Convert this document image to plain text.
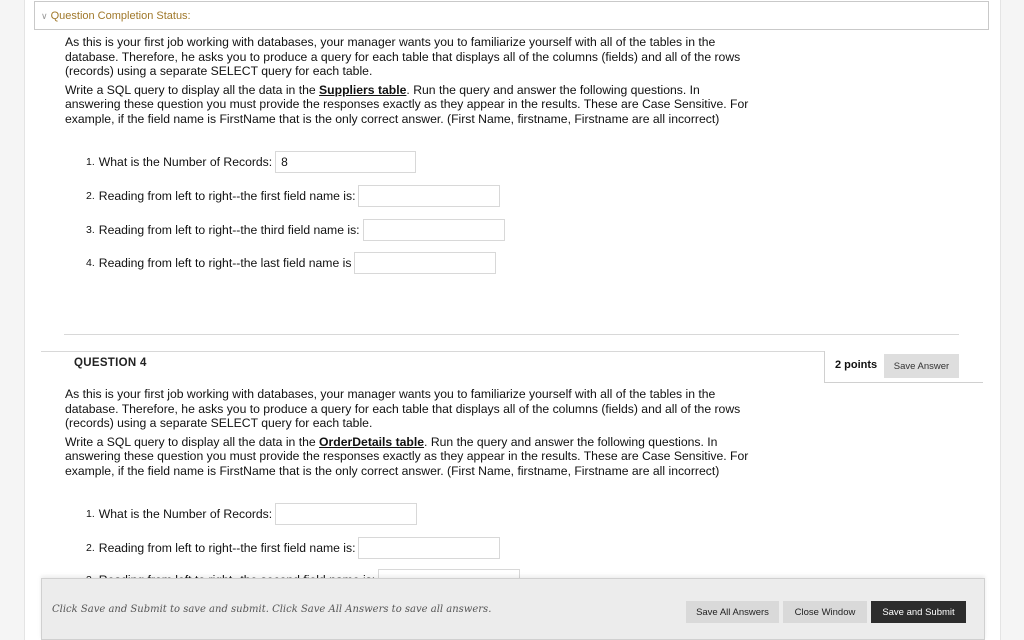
∨ Question Completion Status:

As this is your first job working with databases, your manager wants you to familiarize yourself with all of the tables in the database. Therefore, he asks you to produce a query for each table that displays all of the columns (fields) and all of the rows (records) using a separate SELECT query for each table.

Write a SQL query to display all the data in the Suppliers table. Run the query and answer the following questions. In answering these question you must provide the responses exactly as they appear in the results. These are Case Sensitive. For example, if the field name is FirstName that is the only correct answer. (First Name, firstname, Firstname are all incorrect)

1. What is the Number of Records:
8
2. Reading from left to right--the first field name is:
3. Reading from left to right--the third field name is:
4. Reading from left to right--the last field name is
QUESTION 4	2 points	Save Answer

As this is your first job working with databases, your manager wants you to familiarize yourself with all of the tables in the database. Therefore, he asks you to produce a query for each table that displays all of the columns (fields) and all of the rows (records) using a separate SELECT query for each table.

Write a SQL query to display all the data in the OrderDetails table. Run the query and answer the following questions. In answering these question you must provide the responses exactly as they appear in the results. These are Case Sensitive. For example, if the field name is FirstName that is the only correct answer. (First Name, firstname, Firstname are all incorrect)

1. What is the Number of Records:
2. Reading from left to right--the first field name is:
Click Save and Submit to save and submit. Click Save All Answers to save all answers.	Save All Answers	Close Window	Save and Submit
